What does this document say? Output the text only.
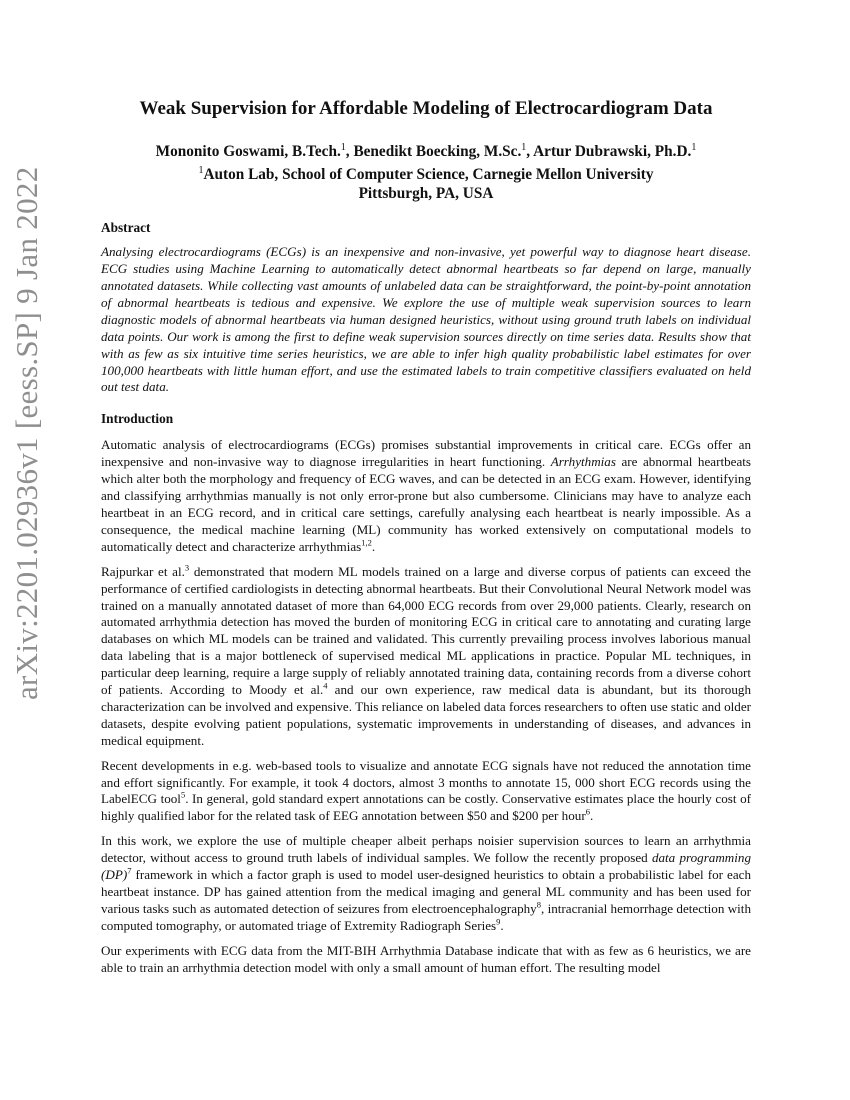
arXiv:2201.02936v1 [eess.SP] 9 Jan 2022
Weak Supervision for Affordable Modeling of Electrocardiogram Data
Mononito Goswami, B.Tech.$^1$, Benedikt Boecking, M.Sc.$^1$, Artur Dubrawski, Ph.D.$^1$
$^1$Auton Lab, School of Computer Science, Carnegie Mellon University
Pittsburgh, PA, USA
Abstract

Analysing electrocardiograms (ECGs) is an inexpensive and non-invasive, yet powerful way to diagnose heart disease. ECG studies using Machine Learning to automatically detect abnormal heartbeats so far depend on large, manually annotated datasets. While collecting vast amounts of unlabeled data can be straightforward, the point-by-point annotation of abnormal heartbeats is tedious and expensive. We explore the use of multiple weak supervision sources to learn diagnostic models of abnormal heartbeats via human designed heuristics, without using ground truth labels on individual data points. Our work is among the first to define weak supervision sources directly on time series data. Results show that with as few as six intuitive time series heuristics, we are able to infer high quality probabilistic label estimates for over 100,000 heartbeats with little human effort, and use the estimated labels to train competitive classifiers evaluated on held out test data.

Introduction

Automatic analysis of electrocardiograms (ECGs) promises substantial improvements in critical care. ECGs offer an inexpensive and non-invasive way to diagnose irregularities in heart functioning. Arrhythmias are abnormal heartbeats which alter both the morphology and frequency of ECG waves, and can be detected in an ECG exam. However, identifying and classifying arrhythmias manually is not only error-prone but also cumbersome. Clinicians may have to analyze each heartbeat in an ECG record, and in critical care settings, carefully analysing each heartbeat is nearly impossible. As a consequence, the medical machine learning (ML) community has worked extensively on computational models to automatically detect and characterize arrhythmias$^{1,2}$.

Rajpurkar et al.$^3$ demonstrated that modern ML models trained on a large and diverse corpus of patients can exceed the performance of certified cardiologists in detecting abnormal heartbeats. But their Convolutional Neural Network model was trained on a manually annotated dataset of more than 64,000 ECG records from over 29,000 patients. Clearly, research on automated arrhythmia detection has moved the burden of monitoring ECG in critical care to annotating and curating large databases on which ML models can be trained and validated. This currently prevailing process involves laborious manual data labeling that is a major bottleneck of supervised medical ML applications in practice. Popular ML techniques, in particular deep learning, require a large supply of reliably annotated training data, containing records from a diverse cohort of patients. According to Moody et al.$^4$ and our own experience, raw medical data is abundant, but its thorough characterization can be involved and expensive. This reliance on labeled data forces researchers to often use static and older datasets, despite evolving patient populations, systematic improvements in understanding of diseases, and advances in medical equipment.

Recent developments in e.g. web-based tools to visualize and annotate ECG signals have not reduced the annotation time and effort significantly. For example, it took 4 doctors, almost 3 months to annotate 15, 000 short ECG records using the LabelECG tool$^5$. In general, gold standard expert annotations can be costly. Conservative estimates place the hourly cost of highly qualified labor for the related task of EEG annotation between $50 and $200 per hour$^6$.

In this work, we explore the use of multiple cheaper albeit perhaps noisier supervision sources to learn an arrhythmia detector, without access to ground truth labels of individual samples. We follow the recently proposed data programming (DP)$^7$ framework in which a factor graph is used to model user-designed heuristics to obtain a probabilistic label for each heartbeat instance. DP has gained attention from the medical imaging and general ML community and has been used for various tasks such as automated detection of seizures from electroencephalography$^8$, intracranial hemorrhage detection with computed tomography, or automated triage of Extremity Radiograph Series$^9$.

Our experiments with ECG data from the MIT-BIH Arrhythmia Database indicate that with as few as 6 heuristics, we are able to train an arrhythmia detection model with only a small amount of human effort. The resulting model
